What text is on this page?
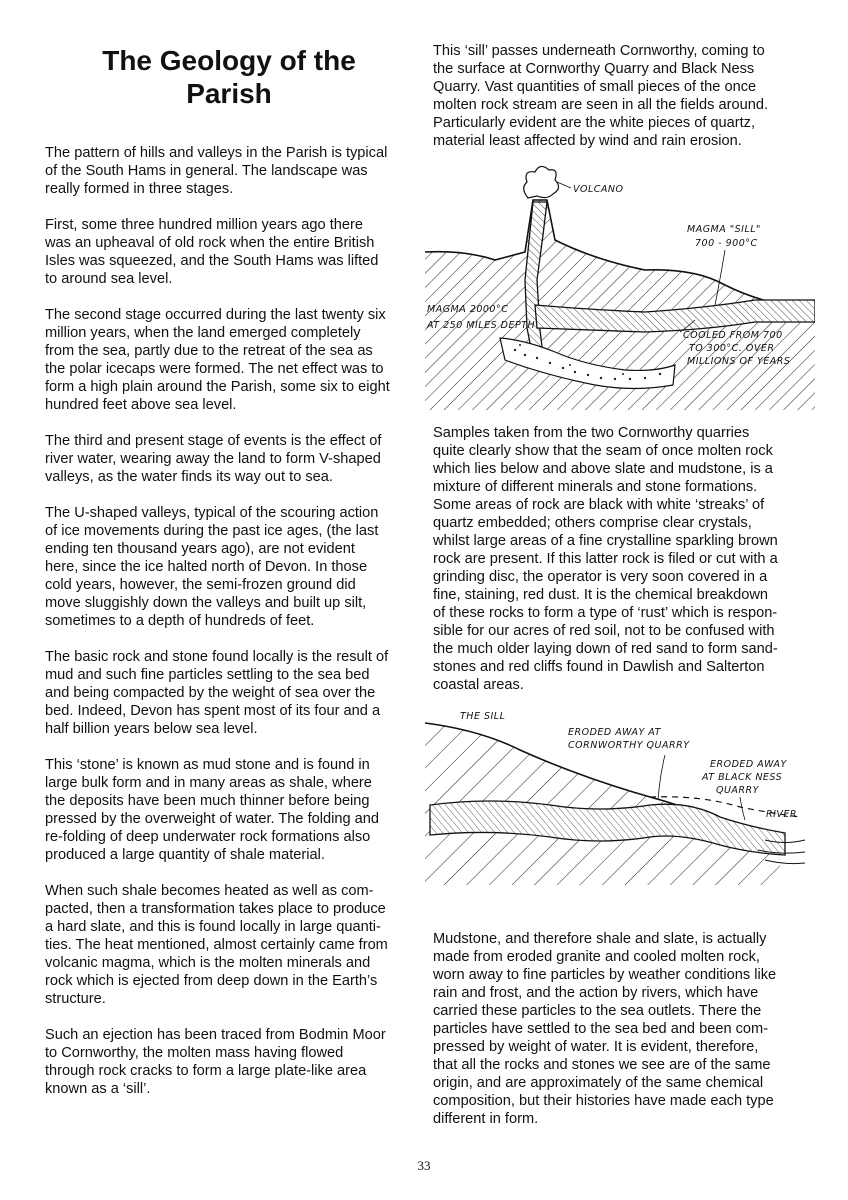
The Geology of the
Parish

The pattern of hills and valleys in the Parish is typical
of the South Hams in general. The landscape was
really formed in three stages.

First, some three hundred million years ago there
was an upheaval of old rock when the entire British
Isles was squeezed, and the South Hams was lifted
to around sea level.

The second stage occurred during the last twenty six
million years, when the land emerged completely
from the sea, partly due to the retreat of the sea as
the polar icecaps were formed. The net effect was to
form a high plain around the Parish, some six to eight
hundred feet above sea level.

The third and present stage of events is the effect of
river water, wearing away the land to form V-shaped
valleys, as the water finds its way out to sea.

The U-shaped valleys, typical of the scouring action
of ice movements during the past ice ages, (the last
ending ten thousand years ago), are not evident
here, since the ice halted north of Devon. In those
cold years, however, the semi-frozen ground did
move sluggishly down the valleys and built up silt,
sometimes to a depth of hundreds of feet.

The basic rock and stone found locally is the result of
mud and such fine particles settling to the sea bed
and being compacted by the weight of sea over the
bed. Indeed, Devon has spent most of its four and a
half billion years below sea level.

This ‘stone’ is known as mud stone and is found in
large bulk form and in many areas as shale, where
the deposits have been much thinner before being
pressed by the overweight of water. The folding and
re-folding of deep underwater rock formations also
produced a large quantity of shale material.

When such shale becomes heated as well as com-
pacted, then a transformation takes place to produce
a hard slate, and this is found locally in large quanti-
ties. The heat mentioned, almost certainly came from
volcanic magma, which is the molten minerals and
rock which is ejected from deep down in the Earth’s
structure.

Such an ejection has been traced from Bodmin Moor
to Cornworthy, the molten mass having flowed
through rock cracks to form a large plate-like area
known as a ‘sill’.

This ‘sill’ passes underneath Cornworthy, coming to
the surface at Cornworthy Quarry and Black Ness
Quarry. Vast quantities of small pieces of the once
molten rock stream are seen in all the fields around.
Particularly evident are the white pieces of quartz,
material least affected by wind and rain erosion.

VOLCANO
MAGMA "SILL"
700 - 900°C
MAGMA 2000°C
AT 250 MILES DEPTH
COOLED FROM 700
TO 300°C. OVER
MILLIONS OF YEARS

Samples taken from the two Cornworthy quarries
quite clearly show that the seam of once molten rock
which lies below and above slate and mudstone, is a
mixture of different minerals and stone formations.
Some areas of rock are black with white ‘streaks’ of
quartz embedded; others comprise clear crystals,
whilst large areas of a fine crystalline sparkling brown
rock are present. If this latter rock is filed or cut with a
grinding disc, the operator is very soon covered in a
fine, staining, red dust. It is the chemical breakdown
of these rocks to form a type of ‘rust’ which is respon-
sible for our acres of red soil, not to be confused with
the much older laying down of red sand to form sand-
stones and red cliffs found in Dawlish and Salterton
coastal areas.

THE SILL
ERODED AWAY AT
CORNWORTHY QUARRY
ERODED AWAY
AT BLACK NESS
QUARRY
RIVER

Mudstone, and therefore shale and slate, is actually
made from eroded granite and cooled molten rock,
worn away to fine particles by weather conditions like
rain and frost, and the action by rivers, which have
carried these particles to the sea outlets. There the
particles have settled to the sea bed and been com-
pressed by weight of water. It is evident, therefore,
that all the rocks and stones we see are of the same
origin, and are approximately of the same chemical
composition, but their histories have made each type
different in form.

33
